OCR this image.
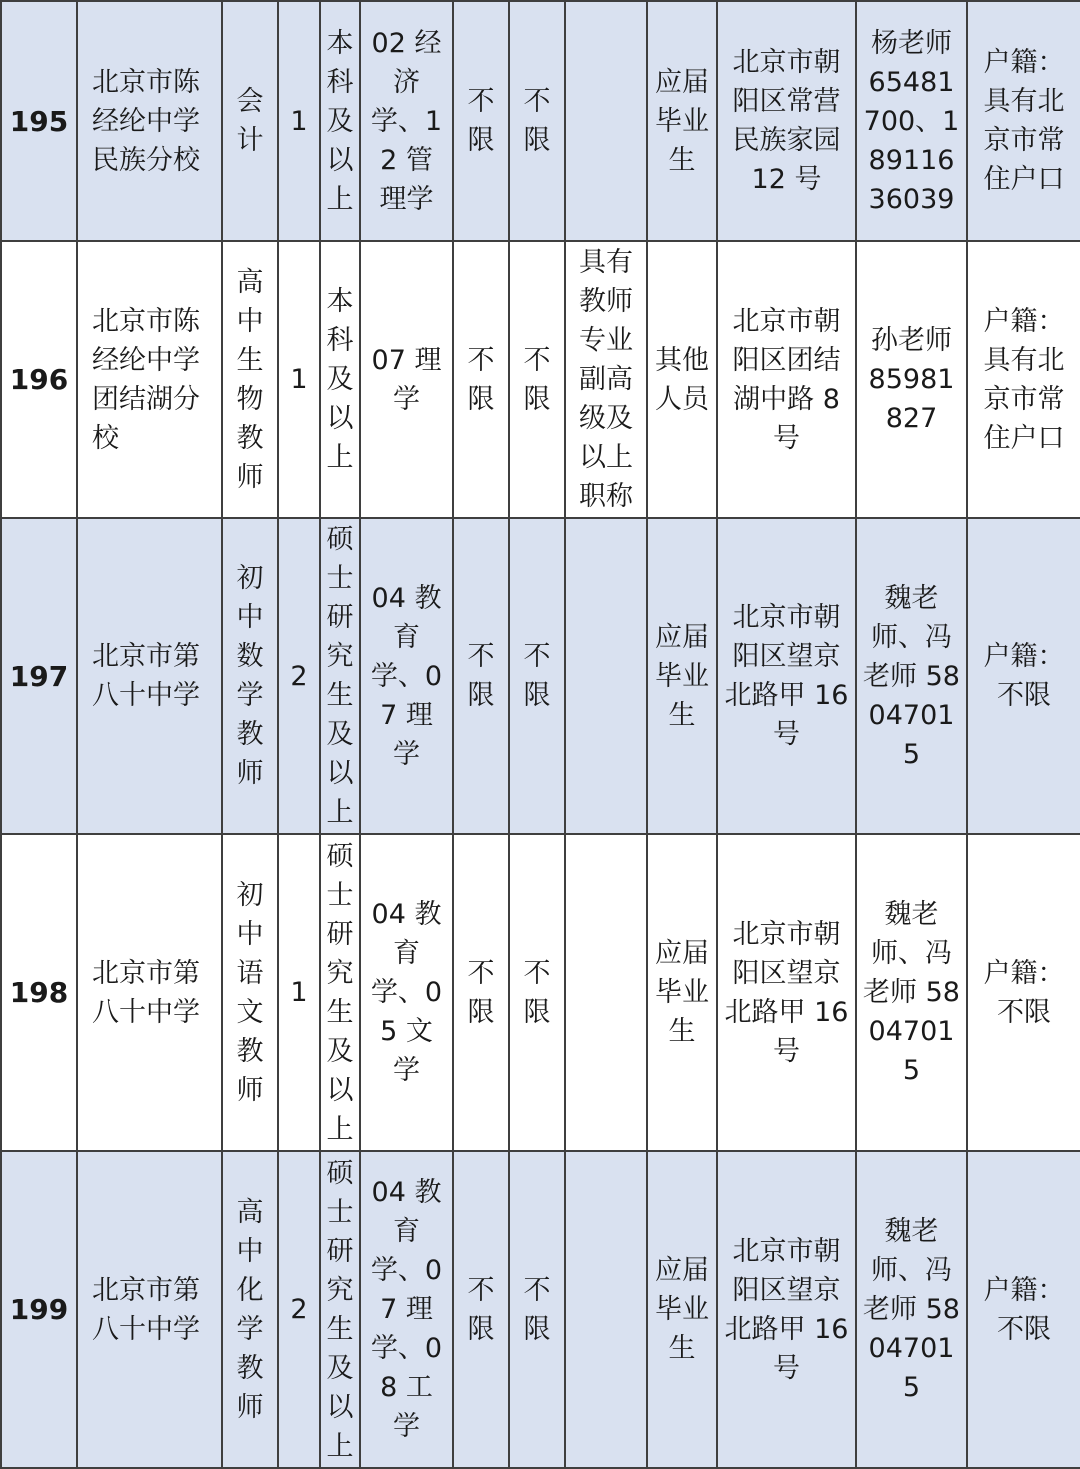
195	北京市陈经纶中学民族分校	会计	1	本科及以上	02 经济学、12 管理学	不限	不限		应届毕业生	北京市朝阳区常营民族家园 12 号	杨老师 65481700、18911636039	户籍：具有北京市常住户口
196	北京市陈经纶中学团结湖分校	高中生物教师	1	本科及以上	07 理学	不限	不限	具有教师专业副高级及以上职称	其他人员	北京市朝阳区团结湖中路 8 号	孙老师 85981827	户籍：具有北京市常住户口
197	北京市第八十中学	初中数学教师	2	硕士研究生及以上	04 教育学、07 理学	不限	不限		应届毕业生	北京市朝阳区望京北路甲 16 号	魏老师、冯老师 58047015	户籍：不限
198	北京市第八十中学	初中语文教师	1	硕士研究生及以上	04 教育学、05 文学	不限	不限		应届毕业生	北京市朝阳区望京北路甲 16 号	魏老师、冯老师 58047015	户籍：不限
199	北京市第八十中学	高中化学教师	2	硕士研究生及以上	04 教育学、07 理学、08 工学	不限	不限		应届毕业生	北京市朝阳区望京北路甲 16 号	魏老师、冯老师 58047015	户籍：不限
